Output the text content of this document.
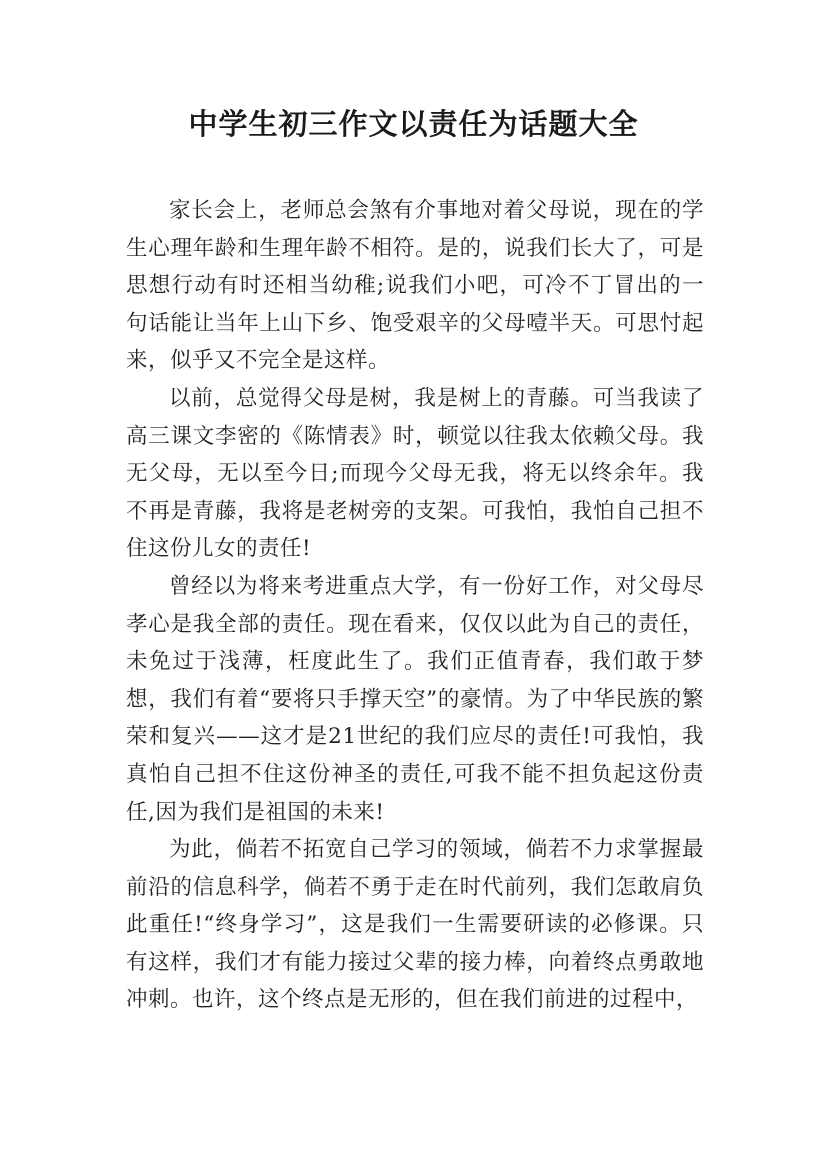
中学生初三作文以责任为话题大全

家长会上，老师总会煞有介事地对着父母说，现在的学生心理年龄和生理年龄不相符。是的，说我们长大了，可是思想行动有时还相当幼稚;说我们小吧，可冷不丁冒出的一句话能让当年上山下乡、饱受艰辛的父母噎半天。可思忖起来，似乎又不完全是这样。

以前，总觉得父母是树，我是树上的青藤。可当我读了高三课文李密的《陈情表》时，顿觉以往我太依赖父母。我无父母，无以至今日;而现今父母无我，将无以终余年。我不再是青藤，我将是老树旁的支架。可我怕，我怕自己担不住这份儿女的责任!

曾经以为将来考进重点大学，有一份好工作，对父母尽孝心是我全部的责任。现在看来，仅仅以此为自己的责任，未免过于浅薄，枉度此生了。我们正值青春，我们敢于梦想，我们有着“要将只手撑天空”的豪情。为了中华民族的繁荣和复兴——这才是21世纪的我们应尽的责任!可我怕，我真怕自己担不住这份神圣的责任,可我不能不担负起这份责任,因为我们是祖国的未来!

为此，倘若不拓宽自己学习的领域，倘若不力求掌握最前沿的信息科学，倘若不勇于走在时代前列，我们怎敢肩负此重任!“终身学习”，这是我们一生需要研读的必修课。只有这样，我们才有能力接过父辈的接力棒，向着终点勇敢地冲刺。也许，这个终点是无形的，但在我们前进的过程中，
